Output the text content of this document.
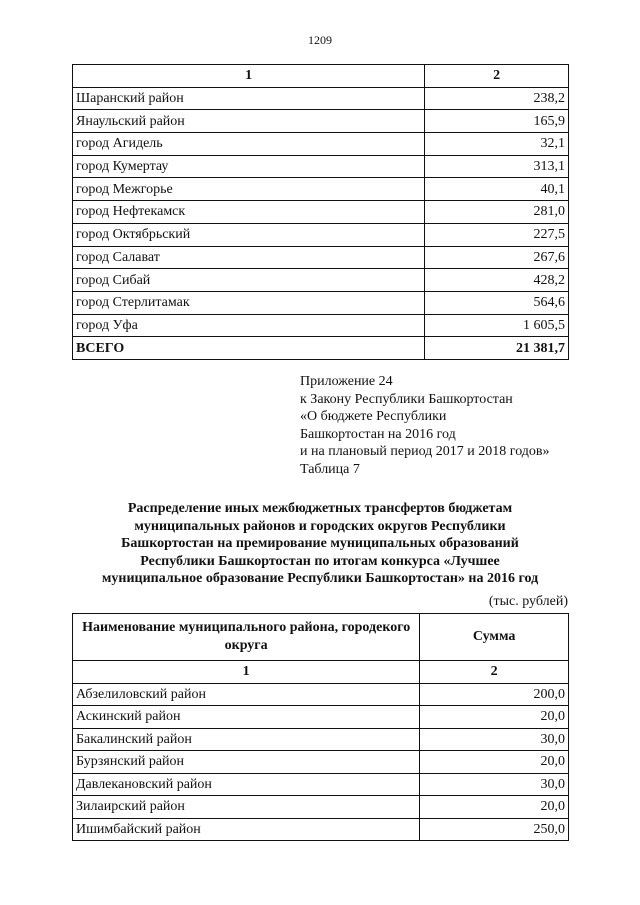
1209
1	2
Шаранский район	238,2
Янаульский район	165,9
город Агидель	32,1
город Кумертау	313,1
город Межгорье	40,1
город Нефтекамск	281,0
город Октябрьский	227,5
город Салават	267,6
город Сибай	428,2
город Стерлитамак	564,6
город Уфа	1 605,5
ВСЕГО	21 381,7
Приложение 24
к Закону Республики Башкортостан
«О бюджете Республики
Башкортостан на 2016 год
и на плановый период 2017 и 2018 годов»
Таблица 7
Распределение иных межбюджетных трансфертов бюджетам
муниципальных районов и городских округов Республики
Башкортостан на премирование муниципальных образований
Республики Башкортостан по итогам конкурса «Лучшее
муниципальное образование Республики Башкортостан» на 2016 год
(тыс. рублей)
Наименование муниципального района, городекого округа	Сумма
1	2
Абзелиловский район	200,0
Аскинский район	20,0
Бакалинский район	30,0
Бурзянский район	20,0
Давлекановский район	30,0
Зилаирский район	20,0
Ишимбайский район	250,0
